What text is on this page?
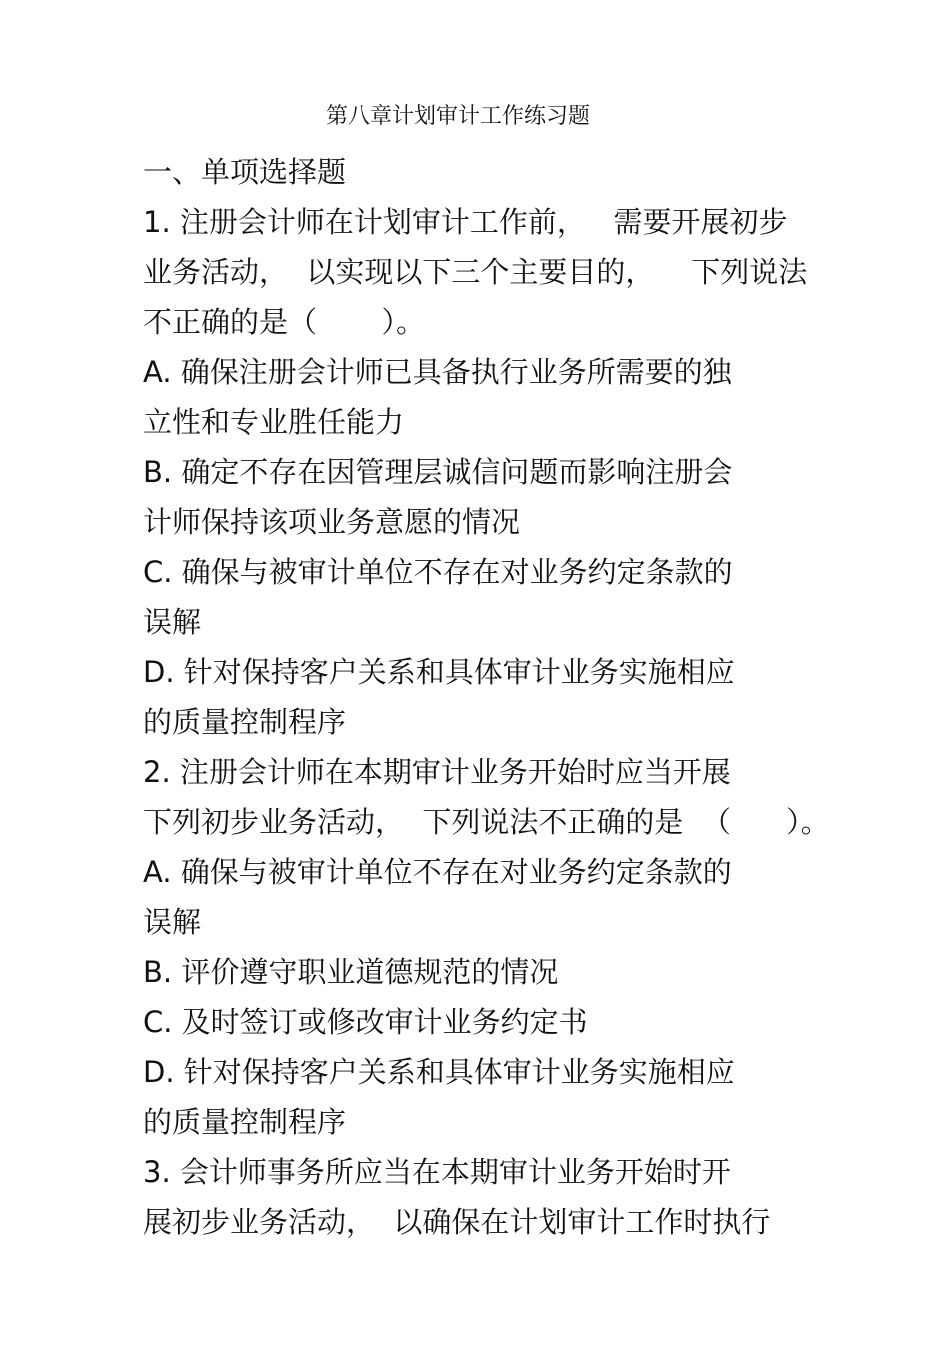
第八章计划审计工作练习题
一、单项选择题
1. 注册会计师在计划审计工作前，   需要开展初步
业务活动，  以实现以下三个主要目的，    下列说法
不正确的是（       ）。
A. 确保注册会计师已具备执行业务所需要的独
立性和专业胜任能力
B. 确定不存在因管理层诚信问题而影响注册会
计师保持该项业务意愿的情况
C. 确保与被审计单位不存在对业务约定条款的
误解
D. 针对保持客户关系和具体审计业务实施相应
的质量控制程序
2. 注册会计师在本期审计业务开始时应当开展
下列初步业务活动，  下列说法不正确的是  （      ）。
A. 确保与被审计单位不存在对业务约定条款的
误解
B. 评价遵守职业道德规范的情况
C. 及时签订或修改审计业务约定书
D. 针对保持客户关系和具体审计业务实施相应
的质量控制程序
3. 会计师事务所应当在本期审计业务开始时开
展初步业务活动，  以确保在计划审计工作时执行
